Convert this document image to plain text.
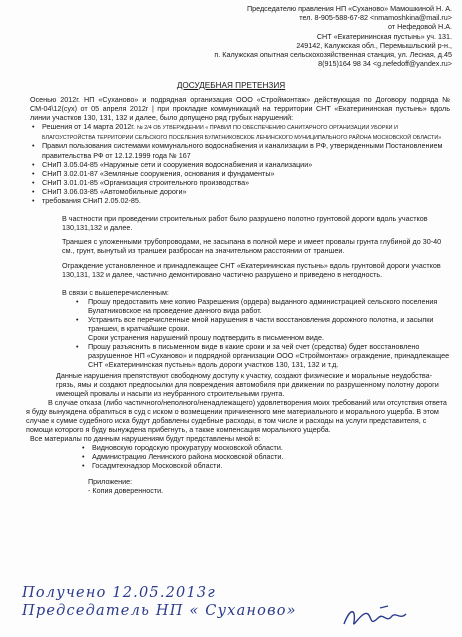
Председателю правления НП «Суханово» Мамошкиной Н. А.
тел. 8-905-588-67-82 <nmamoshkina@mail.ru>
от Нефедовой Н.А.
СНТ «Екатерининская пустынь» уч. 131.
249142, Калужская обл., Перемышльский р-н.,
п. Калужская опытная сельскохозяйственная станция, ул. Лесная, д.45
8(915)164 98 34 <g.nefedoff@yandex.ru>
ДОСУДЕБНАЯ ПРЕТЕНЗИЯ

Осенью 2012г. НП «Суханово» и подрядная организация ООО «Строймонтаж» действующая по Договору подряда № СМ-04\12(сух) от 05 апреля 2012г | при прокладке коммуникаций на территории СНТ «Екатерининская пустынь» вдоль линии участков 130, 131, 132 и далее, было допущено ряд грубых нарушений:

• Решения от 14 марта 2012г. № 2/4 ОБ УТВЕРЖДЕНИИ « ПРАВИЛ ПО ОБЕСПЕЧЕНИЮ САНИТАРНОГО ОРГАНИЗАЦИИ УБОРКИ И БЛАГОУСТРОЙСТВА ТЕРРИТОРИИ СЕЛЬСКОГО ПОСЕЛЕНИЯ БУЛАТНИКОВСКОЕ ЛЕНИНСКОГО МУНИЦИПАЛЬНОГО РАЙОНА МОСКОВСКОЙ ОБЛАСТИ»
• Правил пользования системами коммунального водоснабжения и канализации в РФ, утвержденными Постановлением правительства РФ от 12.12.1999 года № 167
• СНиП 3.05.04-85 «Наружные сети и сооружения водоснабжения и канализации»
• СНиП 3.02.01-87 «Земляные сооружения, основания и фундаменты»
• СНиП 3.01.01-85 «Организация строительного производства»
• СНиП 3.06.03-85 «Автомобильные дороги»
• требования СНиП 2.05.02-85.

В частности при проведении строительных работ было разрушено полотно грунтовой дороги вдоль участков 130,131,132 и далее.

Траншея с уложенными трубопроводами, не засыпана в полной мере и имеет провалы грунта глубиной до 30-40 см., грунт, вынутый из траншеи разбросан на значительном расстоянии от траншеи.

Ограждение установленное и принадлежащее СНТ «Екатерининская пустынь» вдоль грунтовой дороги участков 130,131, 132 и далее, частично демонтировано частично разрушено и приведено в негодность.

В связи с вышеперечисленным:

• Прошу предоставить мне копию Разрешения (ордера) выданного администрацией сельского поселения Булатниковское на проведение данного вида работ.
• Устранить все перечисленные мной нарушения в части восстановления дорожного полотна, и засыпки траншеи, в кратчайшие сроки.
Сроки устранения нарушений прошу подтвердить в письменном виде.
• Прошу разъяснить в письменном виде в какие сроки и за чей счет (средства) будет восстановлено разрушенное НП «Суханово» и подрядной организации ООО «Строймонтаж» ограждение, принадлежащее СНТ «Екатерининская пустынь» вдоль дороги участков 130, 131, 132 и т.д.

Данные нарушения препятствуют свободному доступу к участку, создают физические и моральные неудобства-грязь, ямы и создают предпосылки для повреждения автомобиля при движении по разрушенному полотну дороги имеющей провалы и насыпи из неубранного строительными грунта.

В случае отказа (либо частичного/неполного/ненадлежащего) удовлетворения моих требований или отсутствия ответа я буду вынуждена обратиться в суд с иском о возмещении причиненного мне материального и морального ущерба. В этом случае к сумме судебного иска будут добавлены судебные расходы, в том числе и расходы на услуги представителя, с помощи которого я буду вынуждена прибегнуть, а также компенсация морального ущерба.

Все материалы по данным нарушениям будут представлены мной в:

• Видновскую городскую прокуратуру московской области.
• Администрацию Ленинского района московской области.
• Госадмтехнадзор Московской области.

Приложение:

- Копия доверенности.

Получено 12.05.2013г
Председатель НП « Суханово»
